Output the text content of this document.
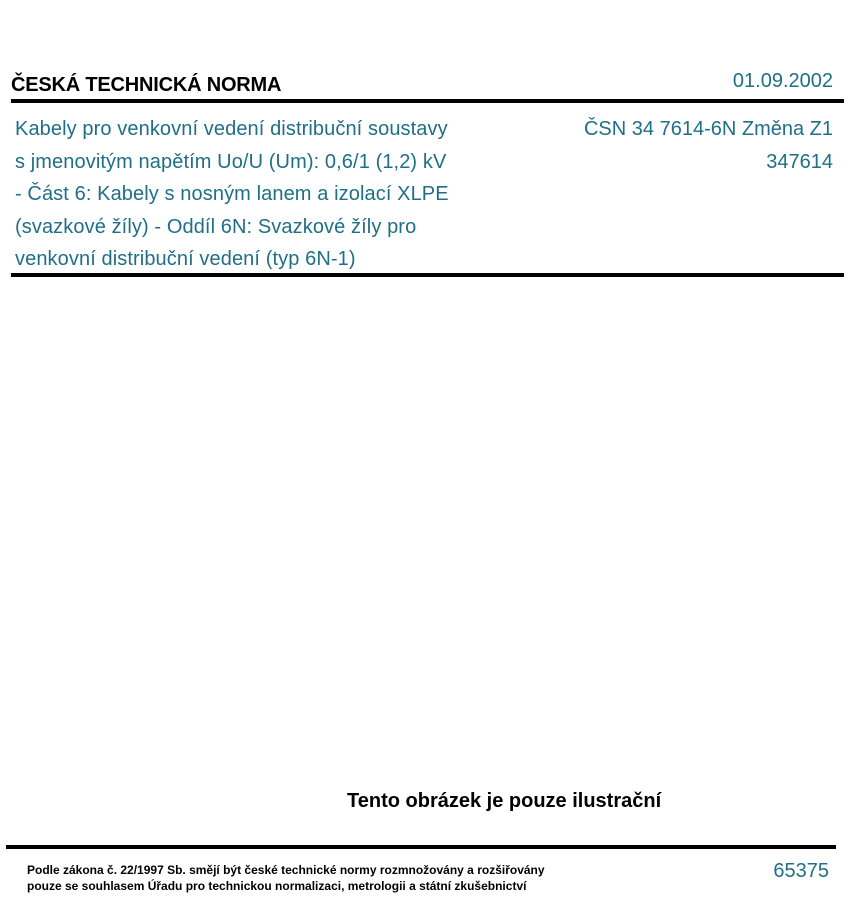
ČESKÁ TECHNICKÁ NORMA	01.09.2002
Kabely pro venkovní vedení distribuční soustavy
s jmenovitým napětím Uo/U (Um): 0,6/1 (1,2) kV
- Část 6: Kabely s nosným lanem a izolací XLPE
(svazkové žíly) - Oddíl 6N: Svazkové žíly pro
venkovní distribuční vedení (typ 6N-1)
ČSN 34 7614-6N Změna Z1
347614
Tento obrázek je pouze ilustrační
Podle zákona č. 22/1997 Sb. smějí být české technické normy rozmnožovány a rozšiřovány
pouze se souhlasem Úřadu pro technickou normalizaci, metrologii a státní zkušebnictví
65375
